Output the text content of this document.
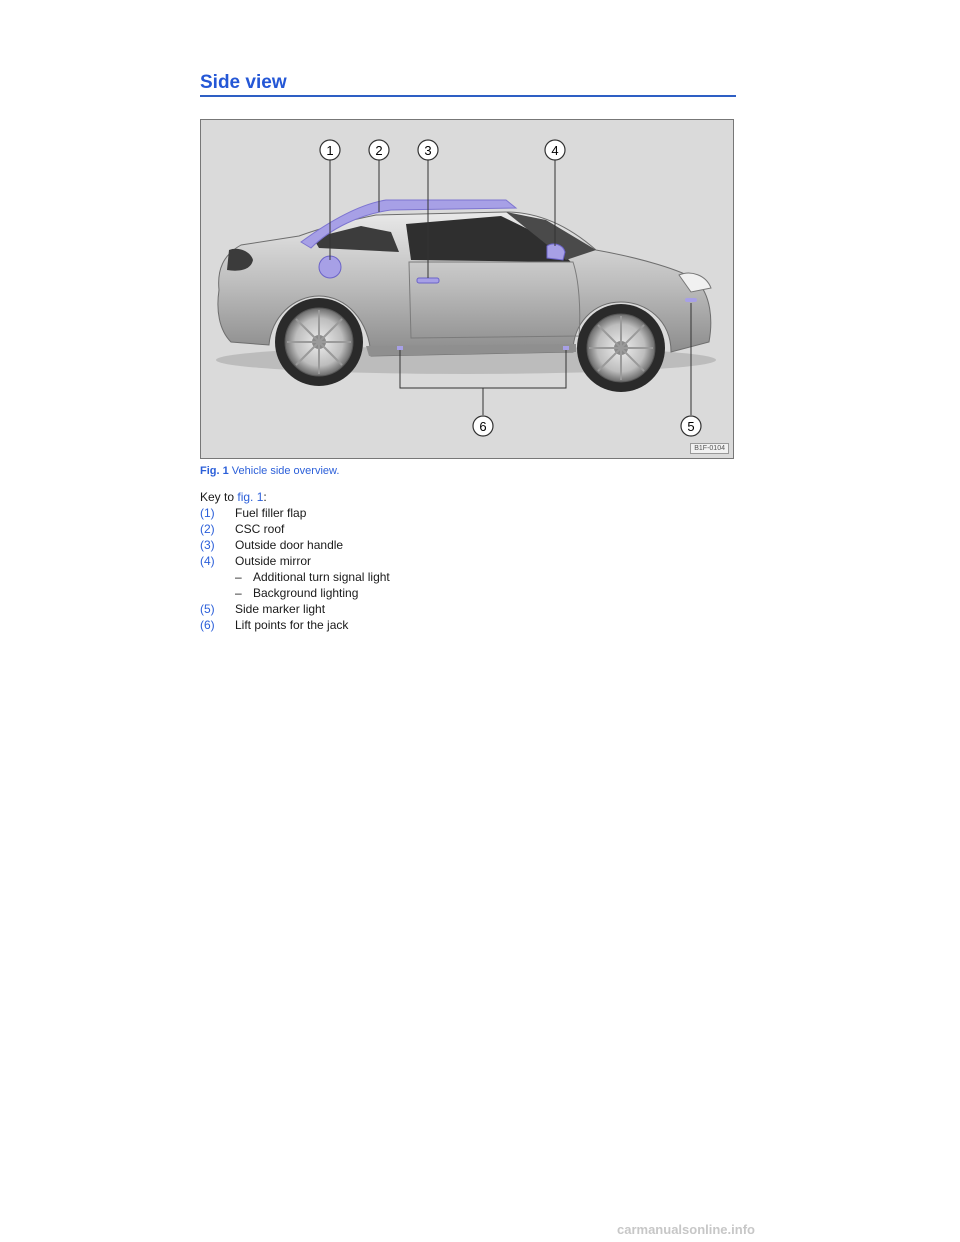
Side view
1	2	3	4
5
6
B1F-0104
Fig. 1 Vehicle side overview.
Key to fig. 1:
(1)	Fuel filler flap
(2)	CSC roof
(3)	Outside door handle
(4)	Outside mirror
– Additional turn signal light
– Background lighting
(5)	Side marker light
(6)	Lift points for the jack
carmanualsonline.info
